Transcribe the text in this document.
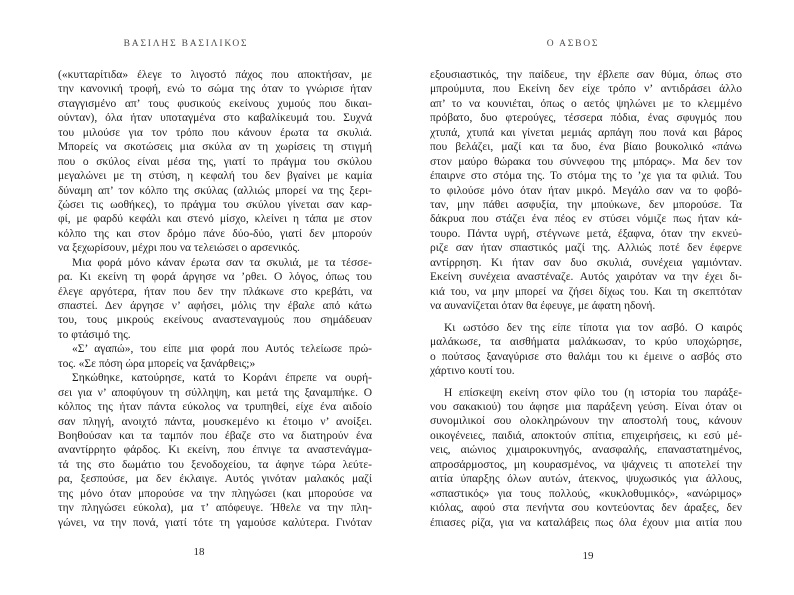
ΒΑΣΙΛΗΣ ΒΑΣΙΛΙΚΟΣ
(«κυτταρίτιδα» έλεγε το λιγοστό πάχος που αποκτήσαν, με
την κανονική τροφή, ενώ το σώμα της όταν το γνώρισε ήταν
σταγγισμένο απ’ τους φυσικούς εκείνους χυμούς που δικαι-
ούνταν), όλα ήταν υποταγμένα στο καβαλίκευμά του. Συχνά
του μιλούσε για τον τρόπο που κάνουν έρωτα τα σκυλιά.
Μπορείς να σκοτώσεις μια σκύλα αν τη χωρίσεις τη στιγμή
που ο σκύλος είναι μέσα της, γιατί το πράγμα του σκύλου
μεγαλώνει με τη στύση, η κεφαλή του δεν βγαίνει με καμία
δύναμη απ’ τον κόλπο της σκύλας (αλλιώς μπορεί να της ξερι-
ζώσει τις ωοθήκες), το πράγμα του σκύλου γίνεται σαν καρ-
φί, με φαρδύ κεφάλι και στενό μίσχο, κλείνει η τάπα με στον
κόλπο της και στον δρόμο πάνε δύο-δύο, γιατί δεν μπορούν
να ξεχωρίσουν, μέχρι που να τελειώσει ο αρσενικός.
Μια φορά μόνο κάναν έρωτα σαν τα σκυλιά, με τα τέσσε-
ρα. Κι εκείνη τη φορά άργησε να ’ρθει. Ο λόγος, όπως του
έλεγε αργότερα, ήταν που δεν την πλάκωνε στο κρεβάτι, να
σπαστεί. Δεν άργησε ν’ αφήσει, μόλις την έβαλε από κάτω
του, τους μικρούς εκείνους αναστεναγμούς που σημάδευαν
το φτάσιμό της.
«Σ’ αγαπώ», του είπε μια φορά που Αυτός τελείωσε πρώ-
τος. «Σε πόση ώρα μπορείς να ξανάρθεις;»
Σηκώθηκε, κατούρησε, κατά το Κοράνι έπρεπε να ουρή-
σει για ν’ αποφύγουν τη σύλληψη, και μετά της ξαναμπήκε. Ο
κόλπος της ήταν πάντα εύκολος να τρυπηθεί, είχε ένα αιδοίο
σαν πληγή, ανοιχτό πάντα, μουσκεμένο κι έτοιμο ν’ ανοίξει.
Βοηθούσαν και τα ταμπόν που έβαζε στο να διατηρούν ένα
αναντίρρητο φάρδος. Κι εκείνη, που έπνιγε τα αναστενάγμα-
τά της στο δωμάτιο του ξενοδοχείου, τα άφηνε τώρα λεύτε-
ρα, ξεσπούσε, μα δεν έκλαιγε. Αυτός γινόταν μαλακός μαζί
της μόνο όταν μπορούσε να την πληγώσει (και μπορούσε να
την πληγώσει εύκολα), μα τ’ απόφευγε. Ήθελε να την πλη-
γώνει, να την πονά, γιατί τότε τη γαμούσε καλύτερα. Γινόταν
18
Ο ΑΣΒΟΣ
εξουσιαστικός, την παίδευε, την έβλεπε σαν θύμα, όπως στο
μπρούμυτα, που Εκείνη δεν είχε τρόπο ν’ αντιδράσει άλλο
απ’ το να κουνιέται, όπως ο αετός ψηλώνει με το κλεμμένο
πρόβατο, δυο φτερούγες, τέσσερα πόδια, ένας σφυγμός που
χτυπά, χτυπά και γίνεται μεμιάς αρπάγη που πονά και βάρος
που βελάζει, μαζί και τα δυο, ένα βίαιο βουκολικό «πάνω
στον μαύρο θώρακα του σύννεφου της μπόρας». Μα δεν τον
έπαιρνε στο στόμα της. Το στόμα της το ’χε για τα φιλιά. Του
το φιλούσε μόνο όταν ήταν μικρό. Μεγάλο σαν να το φοβό-
ταν, μην πάθει ασφυξία, την μπούκωνε, δεν μπορούσε. Τα
δάκρυα που στάζει ένα πέος εν στύσει νόμιζε πως ήταν κά-
τουρο. Πάντα υγρή, στέγνωνε μετά, έξαφνα, όταν την εκνεύ-
ριζε σαν ήταν σπαστικός μαζί της. Αλλιώς ποτέ δεν έφερνε
αντίρρηση. Κι ήταν σαν δυο σκυλιά, συνέχεια γαμιόνταν.
Εκείνη συνέχεια αναστέναζε. Αυτός χαιρόταν να την έχει δι-
κιά του, να μην μπορεί να ζήσει δίχως του. Και τη σκεπτόταν
να αυνανίζεται όταν θα έφευγε, με άφατη ηδονή.
Κι ωστόσο δεν της είπε τίποτα για τον ασβό. Ο καιρός
μαλάκωσε, τα αισθήματα μαλάκωσαν, το κρύο υποχώρησε,
ο πούτσος ξαναγύρισε στο θαλάμι του κι έμεινε ο ασβός στο
χάρτινο κουτί του.
Η επίσκεψη εκείνη στον φίλο του (η ιστορία του παράξε-
νου σακακιού) του άφησε μια παράξενη γεύση. Είναι όταν οι
συνομιλικοί σου ολοκληρώνουν την αποστολή τους, κάνουν
οικογένειες, παιδιά, αποκτούν σπίτια, επιχειρήσεις, κι εσύ μέ-
νεις, αιώνιος χιμαιροκυνηγός, ανασφαλής, επαναστατημένος,
απροσάρμοστος, μη κουρασμένος, να ψάχνεις τι αποτελεί την
αιτία ύπαρξης όλων αυτών, άτεκνος, ψυχωσικός για άλλους,
«σπαστικός» για τους πολλούς, «κυκλοθυμικός», «ανώριμος»
κιόλας, αφού στα πενήντα σου κοντεύοντας δεν άραξες, δεν
έπιασες ρίζα, για να καταλάβεις πως όλα έχουν μια αιτία που
19
